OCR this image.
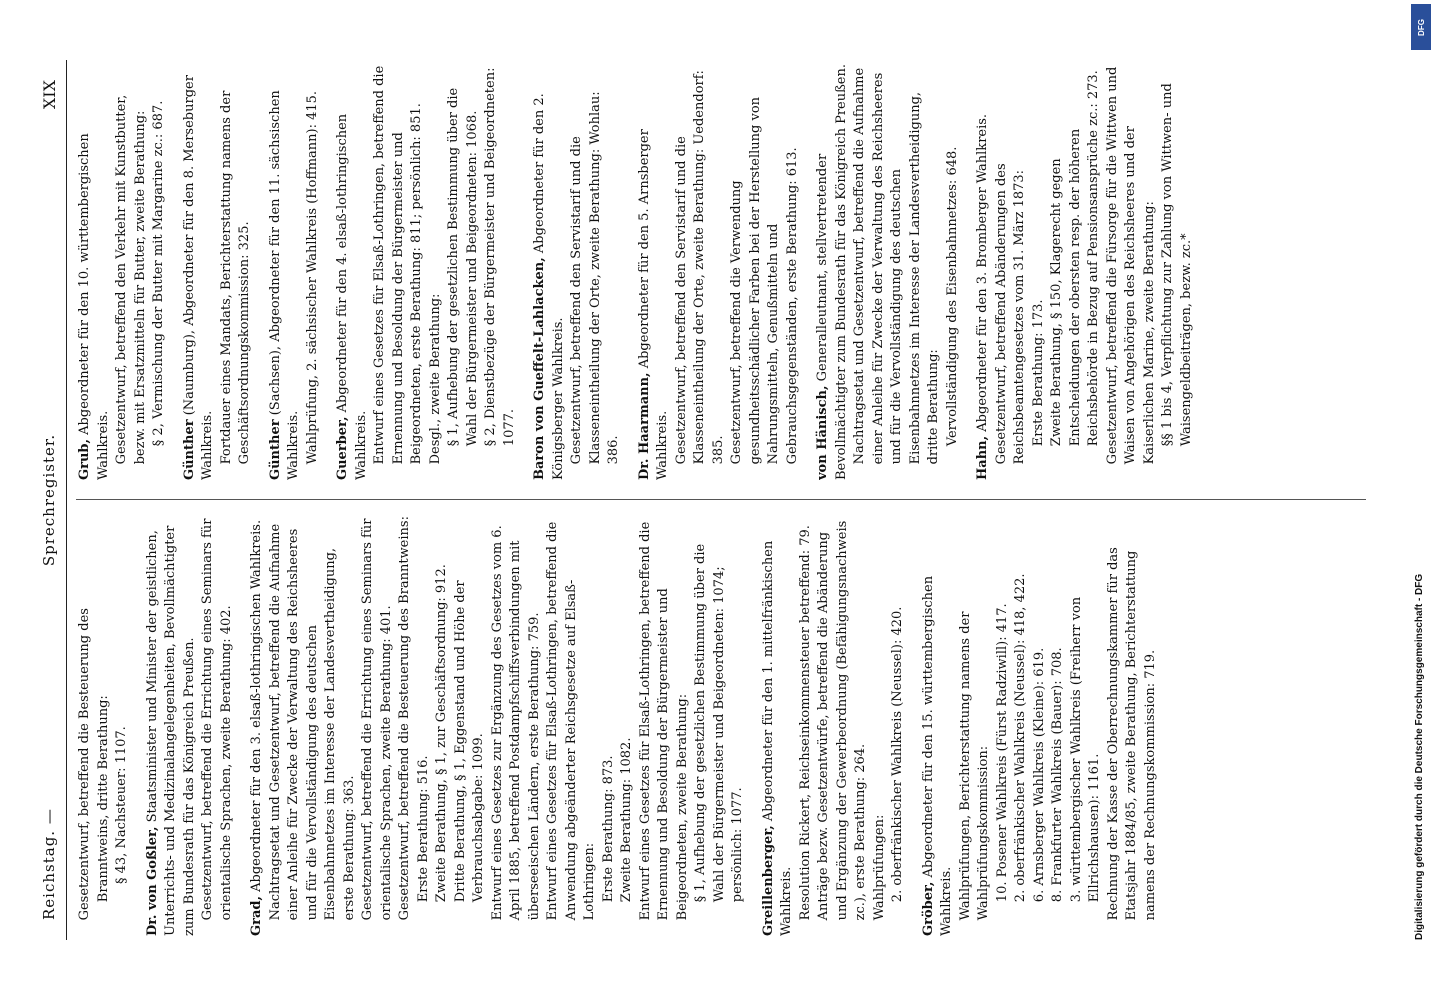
Reichstag. —
Sprechregister.
XIX

Gesetzentwurf, betreffend die Besteuerung des Branntweins, dritte Berathung: § 43, Nachsteuer: 1107. Dr. von Goßler, Staatsminister und Minister der geistlichen, Unterrichts- und Medizinalangelegenheiten, Bevollmächtigter zum Bundesrath für das Königreich Preußen. Gesetzentwurf, betreffend die Errichtung eines Seminars für orientalische Sprachen, zweite Berathung: 402. Grad, Abgeordneter für den 3. elsaß-lothringischen Wahlkreis. Nachtragsetat und Gesetzentwurf, betreffend die Aufnahme einer Anleihe für Zwecke der Verwaltung des Reichsheeres und für die Vervollständigung des deutschen Eisenbahnnetzes im Interesse der Landesvertheidigung, erste Berathung: 363. Gesetzentwurf, betreffend die Errichtung eines Seminars für orientalische Sprachen, zweite Berathung: 401. Gesetzentwurf, betreffend die Besteuerung des Branntweins: Erste Berathung: 516. Zweite Berathung, § 1, zur Geschäftsordnung: 912. Dritte Berathung, § 1, Eggenstand und Höhe der Verbrauchsabgabe: 1099. Entwurf eines Gesetzes zur Ergänzung des Gesetzes vom 6. April 1885, betreffend Postdampfschiffsverbindungen mit überseeischen Ländern, erste Berathung: 759. Entwurf eines Gesetzes für Elsaß-Lothringen, betreffend die Anwendung abgeänderter Reichsgesetze auf Elsaß-Lothringen: Erste Berathung: 873. Zweite Berathung: 1082. Entwurf eines Gesetzes für Elsaß-Lothringen, betreffend die Ernennung und Besoldung der Bürgermeister und Beigeordneten, zweite Berathung: § 1, Aufhebung der gesetzlichen Bestimmung über die Wahl der Bürgermeister und Beigeordneten: 1074; persönlich: 1077. Greillenberger, Abgeordneter für den 1. mittelfränkischen Wahlkreis. Resolution Rickert, Reichseinkommensteuer betreffend: 79. Anträge bezw. Gesetzentwürfe, betreffend die Abänderung und Ergänzung der Gewerbeordnung (Befähigungsnachweis zc.), erste Berathung: 264. Wahlprüfungen: 2. oberfränkischer Wahlkreis (Neussel): 420.

Gröber, Abgeordneter für den 15. württembergischen Wahlkreis. Wahlprüfungen, Berichterstattung namens der Wahlprüfungskommission: 10. Posener Wahlkreis (Fürst Radziwill): 417. 2. oberfränkischer Wahlkreis (Neussel): 418, 422. 6. Arnsberger Wahlkreis (Kleine): 619. 8. Frankfurter Wahlkreis (Bauer): 708. 3. württembergischer Wahlkreis (Freiherr von Ellrichshausen): 1161. Rechnung der Kasse der Oberrechnungskammer für das Etatsjahr 1884/85, zweite Berathung, Berichterstattung namens der Rechnungskommission: 719.

Grub, Abgeordneter für den 10. württembergischen Wahlkreis. Gesetzentwurf, betreffend den Verkehr mit Kunstbutter, bezw. mit Ersatzmitteln für Butter, zweite Berathung: § 2, Vermischung der Butter mit Margarine zc.: 687.

Günther (Naumburg), Abgeordneter für den 8. Merseburger Wahlkreis. Fortdauer eines Mandats, Berichterstattung namens der Geschäftsordnungskommission: 325. Günther (Sachsen), Abgeordneter für den 11. sächsischen Wahlkreis. Wahlprüfung, 2. sächsischer Wahlkreis (Hoffmann): 415. Guerber, Abgeordneter für den 4. elsaß-lothringischen Wahlkreis. Entwurf eines Gesetzes für Elsaß-Lothringen, betreffend die Ernennung und Besoldung der Bürgermeister und Beigeordneten, erste Berathung: 811; persönlich: 851. Desgl., zweite Berathung: § 1, Aufhebung der gesetzlichen Bestimmung über die Wahl der Bürgermeister und Beigeordneten: 1068. § 2, Dienstbezüge der Bürgermeister und Beigeordneten: 1077. Baron von Gueffelt-Lahlacken, Abgeordneter für den 2. Königsberger Wahlkreis. Gesetzentwurf, betreffend den Servistarif und die Klasseneintheilung der Orte, zweite Berathung: Wohlau: 386. Dr. Haarmann, Abgeordneter für den 5. Arnsberger Wahlkreis. Gesetzentwurf, betreffend den Servistarif und die Klasseneintheilung der Orte, zweite Berathung: Uedendorf: 385. Gesetzentwurf, betreffend die Verwendung gesundheitsschädlicher Farben bei der Herstellung von Nahrungsmitteln, Genußmitteln und Gebrauchsgegenständen, erste Berathung: 613. von Hänisch, Generalleutnant, stellvertretender Bevollmächtigter zum Bundesrath für das Königreich Preußen. Nachtragsetat und Gesetzentwurf, betreffend die Aufnahme einer Anleihe für Zwecke der Verwaltung des Reichsheeres und für die Vervollständigung des deutschen Eisenbahnnetzes im Interesse der Landesvertheidigung, dritte Berathung: Vervollständigung des Eisenbahnnetzes: 648.

Hahn, Abgeordneter für den 3. Bromberger Wahlkreis. Gesetzentwurf, betreffend Abänderungen des Reichsbeamtengesetzes vom 31. März 1873: Erste Berathung: 173. Zweite Berathung, § 150, Klagerecht gegen Entscheidungen der obersten resp. der höheren Reichsbehörde in Bezug auf Pensionsansprüche zc.: 273. Gesetzentwurf, betreffend die Fürsorge für die Wittwen und Waisen von Angehörigen des Reichsheeres und der Kaiserlichen Marine, zweite Berathung: §§ 1 bis 4, Verpflichtung zur Zahlung von Wittwen- und Waisengeldbeiträgen, bezw. zc.*

DFG
Digitalisierung gefördert durch die Deutsche Forschungsgemeinschaft - DFG
